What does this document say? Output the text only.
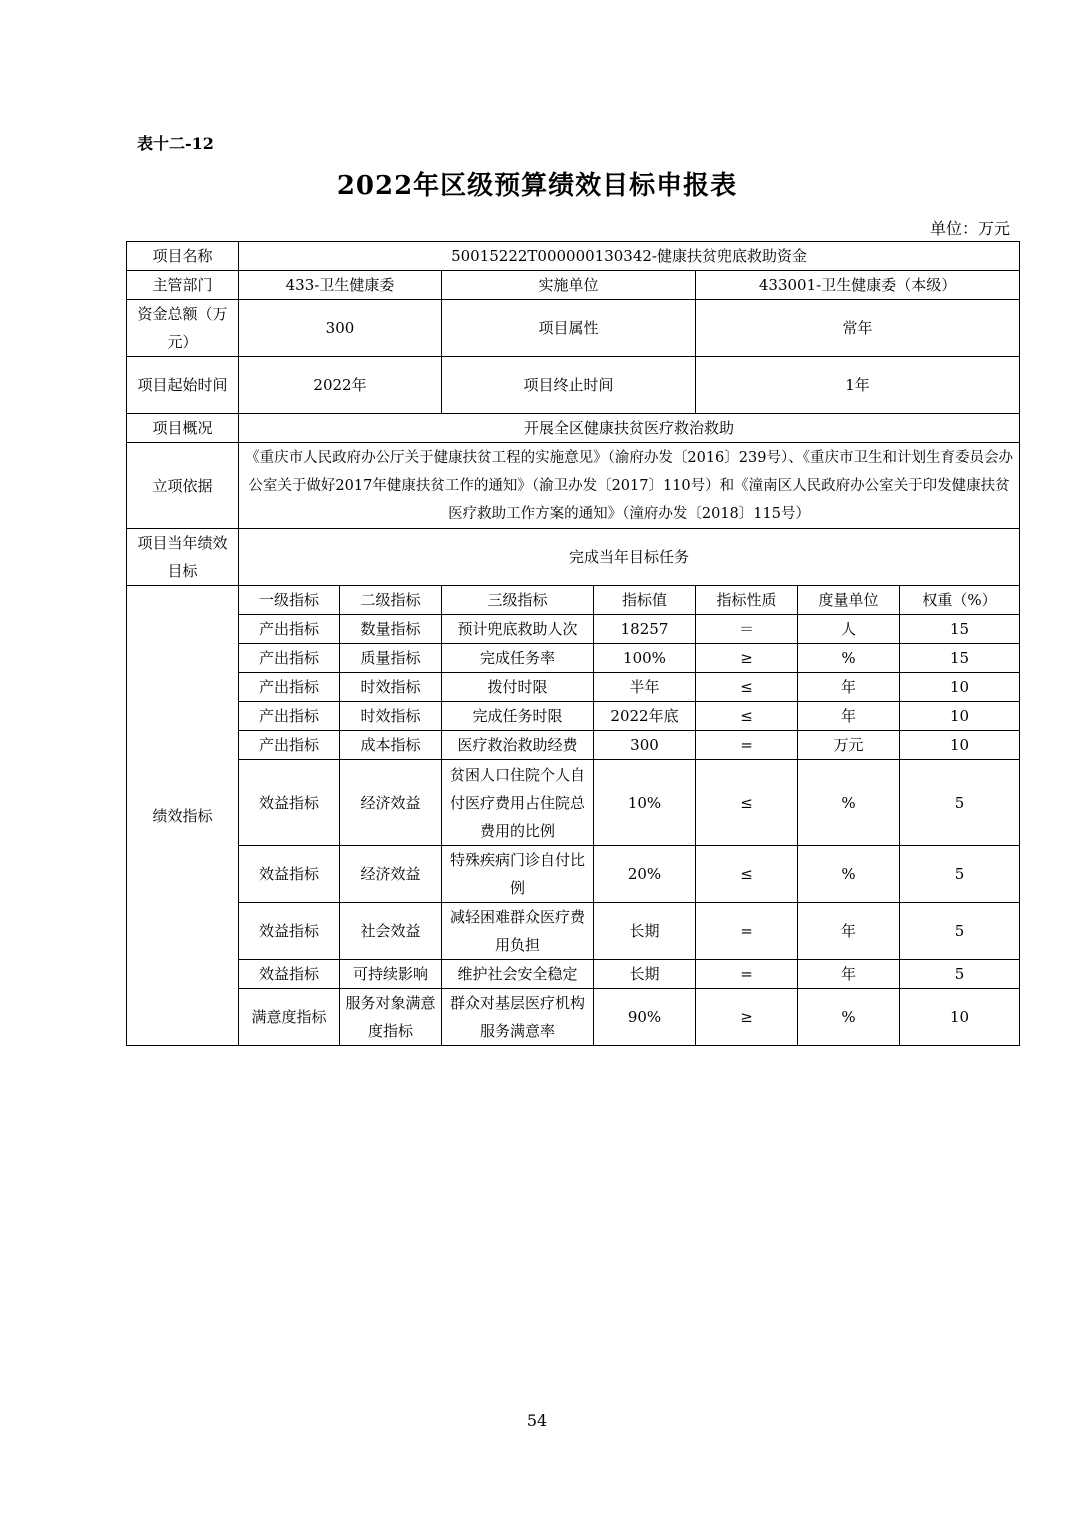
表十二-12
2022年区级预算绩效目标申报表
单位：万元
项目名称	50015222T000000130342-健康扶贫兜底救助资金						
主管部门	433-卫生健康委		实施单位		433001-卫生健康委（本级）		
资金总额（万元）	300		项目属性		常年		
项目起始时间	2022年		项目终止时间		1年		
项目概况	开展全区健康扶贫医疗救治救助						
立项依据	《重庆市人民政府办公厅关于健康扶贫工程的实施意见》（渝府办发〔2016〕239号）、《重庆市卫生和计划生育委员会办公室关于做好2017年健康扶贫工作的通知》（渝卫办发〔2017〕110号）和《潼南区人民政府办公室关于印发健康扶贫医疗救助工作方案的通知》（潼府办发〔2018〕115号）						
项目当年绩效目标	完成当年目标任务						
绩效指标	一级指标	二级指标	三级指标	指标值	指标性质	度量单位	权重（%）
	产出指标	数量指标	预计兜底救助人次	18257	＝	人	15
	产出指标	质量指标	完成任务率	100%	≥	%	15
	产出指标	时效指标	拨付时限	半年	≤	年	10
	产出指标	时效指标	完成任务时限	2022年底	≤	年	10
	产出指标	成本指标	医疗救治救助经费	300	=	万元	10
	效益指标	经济效益	贫困人口住院个人自付医疗费用占住院总费用的比例	10%	≤	%	5
	效益指标	经济效益	特殊疾病门诊自付比例	20%	≤	%	5
	效益指标	社会效益	减轻困难群众医疗费用负担	长期	=	年	5
	效益指标	可持续影响	维护社会安全稳定	长期	=	年	5
	满意度指标	服务对象满意度指标	群众对基层医疗机构服务满意率	90%	≥	%	10
54
